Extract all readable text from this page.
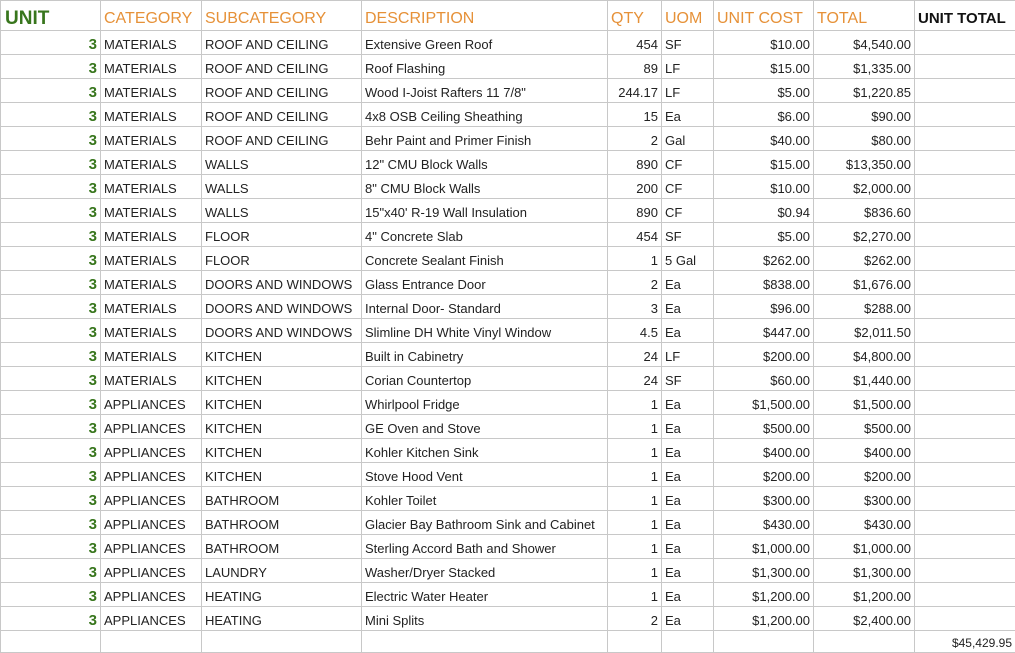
UNIT	CATEGORY	SUBCATEGORY	DESCRIPTION	QTY	UOM	UNIT COST	TOTAL	UNIT TOTAL
3	MATERIALS	ROOF AND CEILING	Extensive Green Roof	454	SF	$10.00	$4,540.00	
3	MATERIALS	ROOF AND CEILING	Roof Flashing	89	LF	$15.00	$1,335.00	
3	MATERIALS	ROOF AND CEILING	Wood I-Joist Rafters 11 7/8"	244.17	LF	$5.00	$1,220.85	
3	MATERIALS	ROOF AND CEILING	4x8 OSB Ceiling Sheathing	15	Ea	$6.00	$90.00	
3	MATERIALS	ROOF AND CEILING	Behr Paint and Primer Finish	2	Gal	$40.00	$80.00	
3	MATERIALS	WALLS	12" CMU Block Walls	890	CF	$15.00	$13,350.00	
3	MATERIALS	WALLS	8" CMU Block Walls	200	CF	$10.00	$2,000.00	
3	MATERIALS	WALLS	15"x40' R-19 Wall Insulation	890	CF	$0.94	$836.60	
3	MATERIALS	FLOOR	4" Concrete Slab	454	SF	$5.00	$2,270.00	
3	MATERIALS	FLOOR	Concrete Sealant Finish	1	5 Gal	$262.00	$262.00	
3	MATERIALS	DOORS AND WINDOWS	Glass Entrance Door	2	Ea	$838.00	$1,676.00	
3	MATERIALS	DOORS AND WINDOWS	Internal Door- Standard	3	Ea	$96.00	$288.00	
3	MATERIALS	DOORS AND WINDOWS	Slimline DH White Vinyl Window	4.5	Ea	$447.00	$2,011.50	
3	MATERIALS	KITCHEN	Built in Cabinetry	24	LF	$200.00	$4,800.00	
3	MATERIALS	KITCHEN	Corian Countertop	24	SF	$60.00	$1,440.00	
3	APPLIANCES	KITCHEN	Whirlpool Fridge	1	Ea	$1,500.00	$1,500.00	
3	APPLIANCES	KITCHEN	GE Oven and Stove	1	Ea	$500.00	$500.00	
3	APPLIANCES	KITCHEN	Kohler Kitchen Sink	1	Ea	$400.00	$400.00	
3	APPLIANCES	KITCHEN	Stove Hood Vent	1	Ea	$200.00	$200.00	
3	APPLIANCES	BATHROOM	Kohler Toilet	1	Ea	$300.00	$300.00	
3	APPLIANCES	BATHROOM	Glacier Bay Bathroom Sink and Cabinet	1	Ea	$430.00	$430.00	
3	APPLIANCES	BATHROOM	Sterling Accord Bath and Shower	1	Ea	$1,000.00	$1,000.00	
3	APPLIANCES	LAUNDRY	Washer/Dryer Stacked	1	Ea	$1,300.00	$1,300.00	
3	APPLIANCES	HEATING	Electric Water Heater	1	Ea	$1,200.00	$1,200.00	
3	APPLIANCES	HEATING	Mini Splits	2	Ea	$1,200.00	$2,400.00	
								$45,429.95
